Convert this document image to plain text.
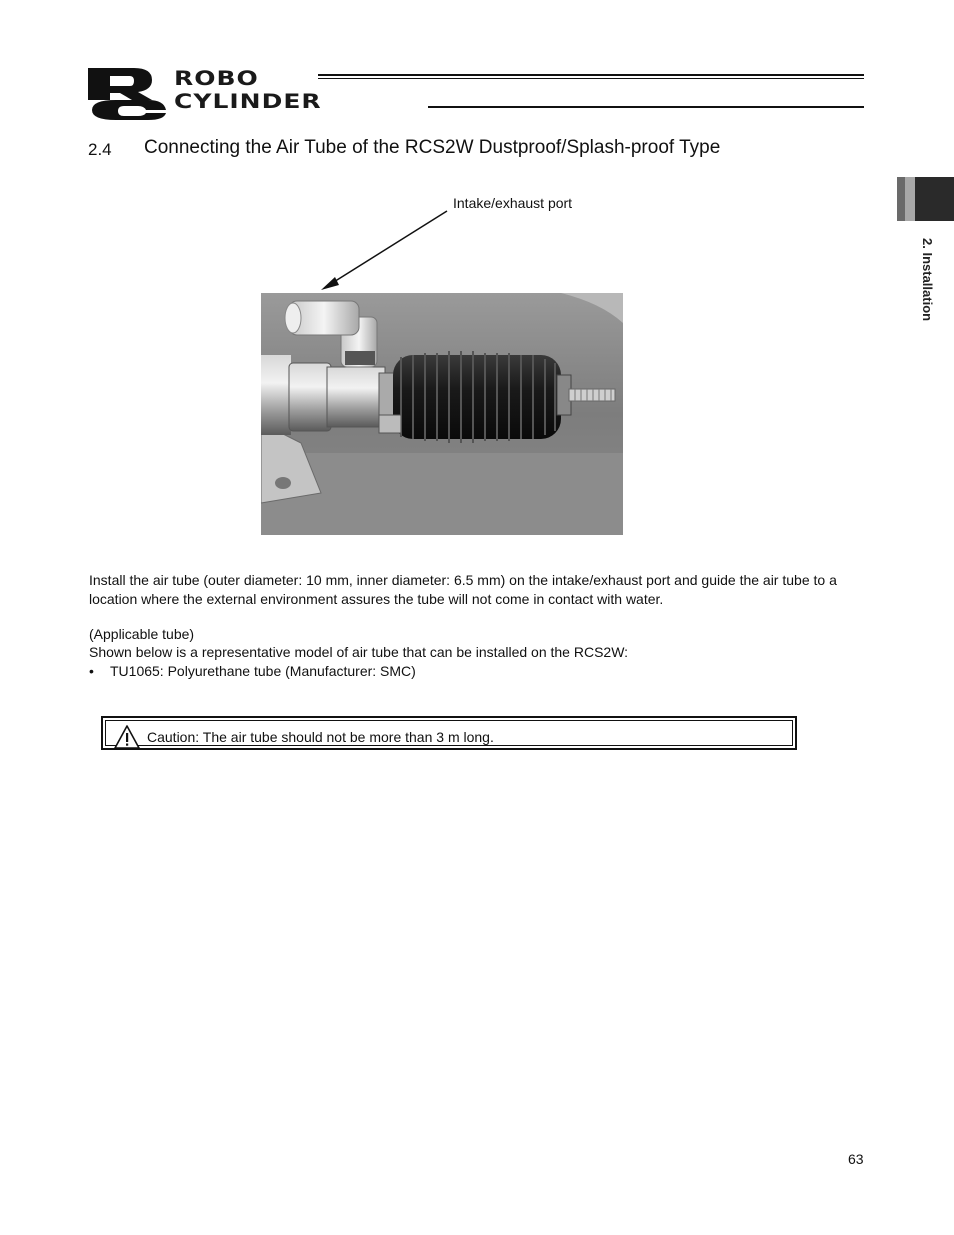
ROBO
CYLINDER
2.4 Connecting the Air Tube of the RCS2W Dustproof/Splash-proof Type
2. Installation
Intake/exhaust port
Install the air tube (outer diameter: 10 mm, inner diameter: 6.5 mm) on the intake/exhaust port and guide the air tube to a location where the external environment assures the tube will not come in contact with water.
(Applicable tube)
Shown below is a representative model of air tube that can be installed on the RCS2W:
• TU1065: Polyurethane tube (Manufacturer: SMC)
Caution: The air tube should not be more than 3 m long.
63
